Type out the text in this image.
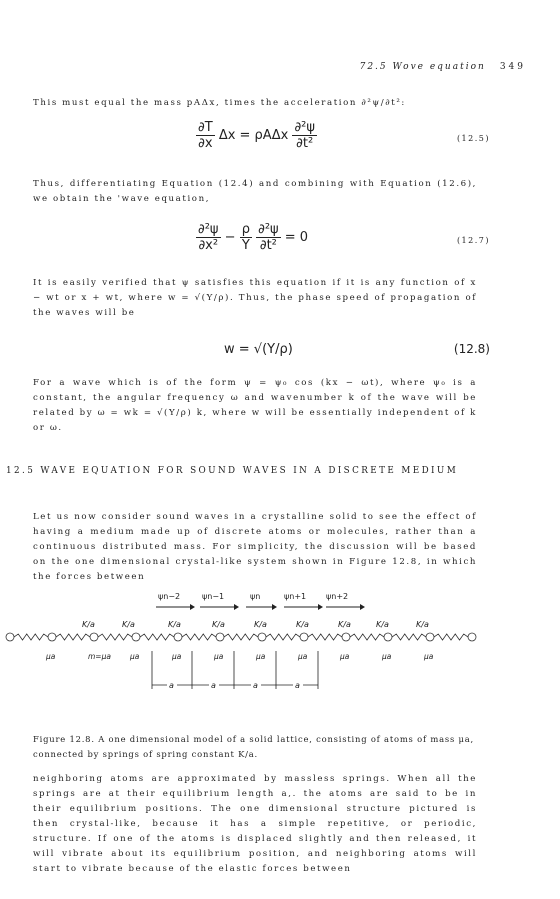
72.5 Wove equation 349
This must equal the mass pAΔx, times the acceleration ∂²ψ/∂t²:
$\frac{\partial T}{\partial x}$ Δx = ρAΔx $\frac{\text{∂²ψ}}{\text{∂t²}}$	(12.5)
Thus, differentiating Equation (12.4) and combining with Equation (12.6), we obtain the 'wave equation,
$\frac{\text{∂²ψ}}{\text{∂x²}} - \frac{\rho}{Y}$
$\frac{\text{∂²ψ}}{\text{∂t²}} = 0$	(12.7)
It is easily verified that ψ satisfies this equation if it is any function of x − wt or x + wt, where w = √(Y/ρ). Thus, the phase speed of propagation of the waves will be
w = √(Y/ρ)	(12.8)
For a wave which is of the form ψ = ψ₀ cos (kx − ωt), where ψ₀ is a constant, the angular frequency ω and wavenumber k of the wave will be related by ω = wk = √(Y/ρ) k, where w will be essentially independent of k or ω.
12.5 WAVE EQUATION FOR SOUND WAVES IN A DISCRETE MEDIUM
Let us now consider sound waves in a crystalline solid to see the effect of having a medium made up of discrete atoms or molecules, rather than a continuous distributed mass. For simplicity, the discussion will be based on the one dimensional crystal-like system shown in Figure 12.8, in which the forces between
ψn−2	ψn−1	ψn	ψn+1 ψn+2
K/a	K/a	K/a	K/a	K/a	K/a	K/a	K/a	K/a
μa	m=μa	μa	μa	μa	μa	μa	μa	μa	μa
a	a	a	a
Figure 12.8. A one dimensional model of a solid lattice, consisting of atoms of mass μa, connected by springs of spring constant K/a.
neighboring atoms are approximated by massless springs. When all the springs are at their equilibrium length a,. the atoms are said to be in their equilibrium positions. The one dimensional structure pictured is then crystal-like, because it has a simple repetitive, or periodic, structure. If one of the atoms is displaced slightly and then released, it will vibrate about its equilibrium position, and neighboring atoms will start to vibrate because of the elastic forces between
